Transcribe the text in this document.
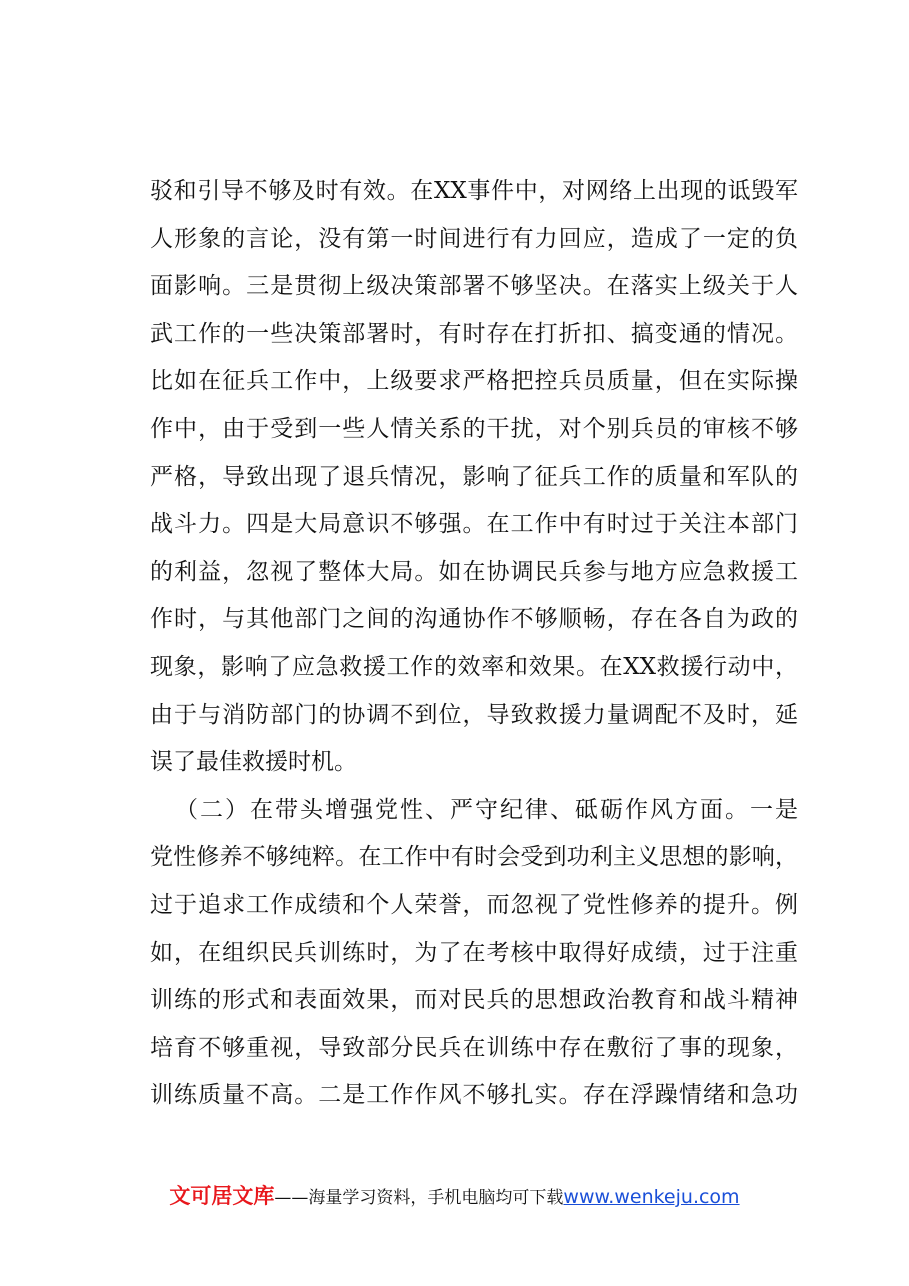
驳和引导不够及时有效。在XX事件中，对网络上出现的诋毁军
人形象的言论，没有第一时间进行有力回应，造成了一定的负
面影响。三是贯彻上级决策部署不够坚决。在落实上级关于人
武工作的一些决策部署时，有时存在打折扣、搞变通的情况。
比如在征兵工作中，上级要求严格把控兵员质量，但在实际操
作中，由于受到一些人情关系的干扰，对个别兵员的审核不够
严格，导致出现了退兵情况，影响了征兵工作的质量和军队的
战斗力。四是大局意识不够强。在工作中有时过于关注本部门
的利益，忽视了整体大局。如在协调民兵参与地方应急救援工
作时，与其他部门之间的沟通协作不够顺畅，存在各自为政的
现象，影响了应急救援工作的效率和效果。在XX救援行动中，
由于与消防部门的协调不到位，导致救援力量调配不及时，延
误了最佳救援时机。
（二）在带头增强党性、严守纪律、砥砺作风方面。一是
党性修养不够纯粹。在工作中有时会受到功利主义思想的影响，
过于追求工作成绩和个人荣誉，而忽视了党性修养的提升。例
如，在组织民兵训练时，为了在考核中取得好成绩，过于注重
训练的形式和表面效果，而对民兵的思想政治教育和战斗精神
培育不够重视，导致部分民兵在训练中存在敷衍了事的现象，
训练质量不高。二是工作作风不够扎实。存在浮躁情绪和急功
文可居文库——海量学习资料，手机电脑均可下载www.wenkeju.com
